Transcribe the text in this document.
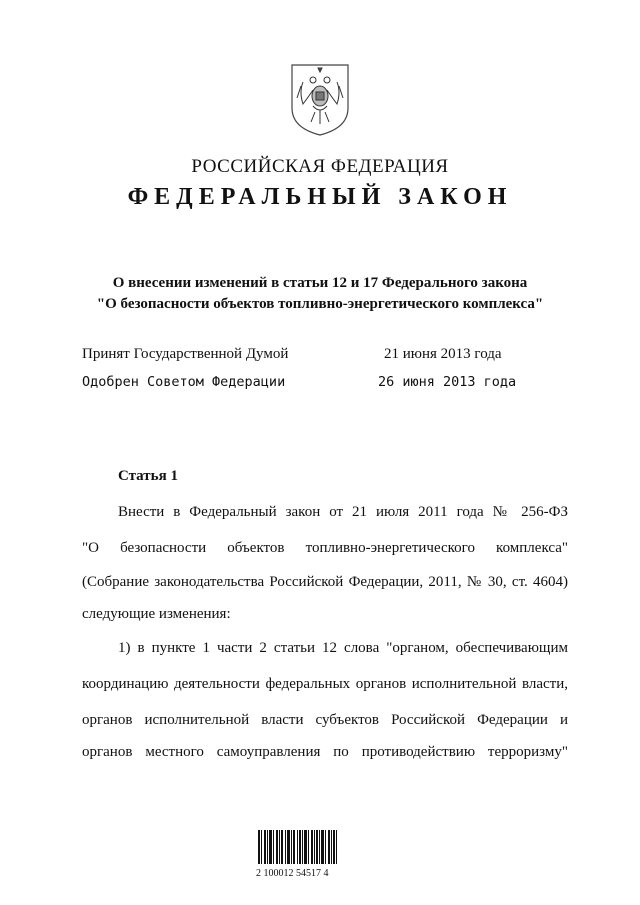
РОССИЙСКАЯ ФЕДЕРАЦИЯ
ФЕДЕРАЛЬНЫЙ ЗАКОН
О внесении изменений в статьи 12 и 17 Федерального закона
"О безопасности объектов топливно-энергетического комплекса"
Принят Государственной Думой	21 июня 2013 года
Одобрен Советом Федерации	26 июня 2013 года
Статья 1
Внести в Федеральный закон от 21 июля 2011 года № 256-ФЗ
"О безопасности объектов топливно-энергетического комплекса"
(Собрание законодательства Российской Федерации, 2011, № 30, ст. 4604)
следующие изменения:
1) в пункте 1 части 2 статьи 12 слова "органом, обеспечивающим
координацию деятельности федеральных органов исполнительной власти,
органов исполнительной власти субъектов Российской Федерации и
органов местного самоуправления по противодействию терроризму"
2 100012 54517 4
